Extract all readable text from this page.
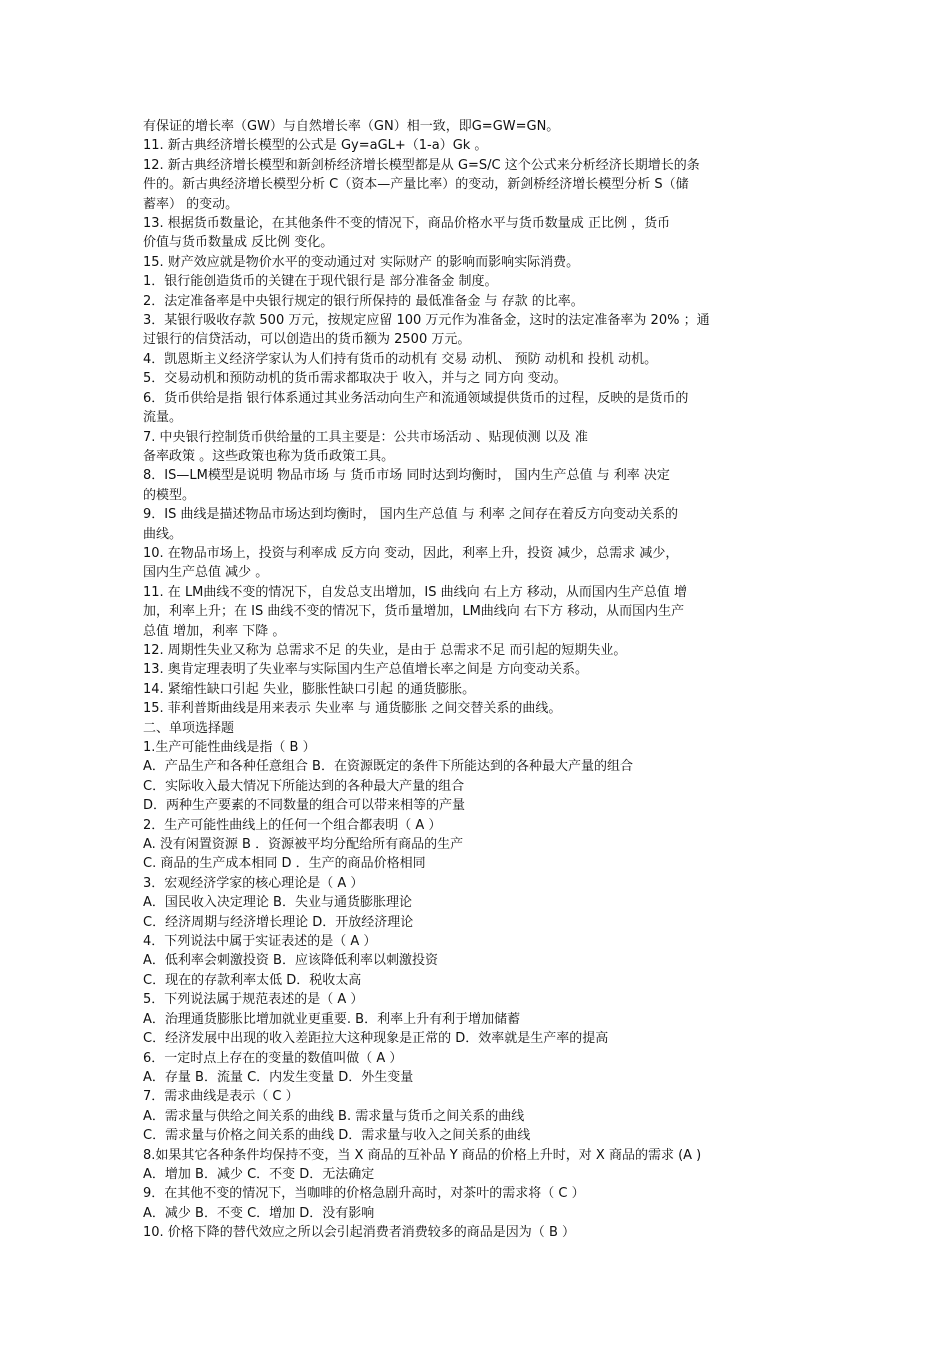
有保证的增长率（GW）与自然增长率（GN）相一致，即G=GW=GN。
11. 新古典经济增长模型的公式是 Gy=aGL+（1-a）Gk 。
12. 新古典经济增长模型和新剑桥经济增长模型都是从 G=S/C 这个公式来分析经济长期增长的条
件的。新古典经济增长模型分析 C（资本—产量比率）的变动，新剑桥经济增长模型分析 S（储
蓄率） 的变动。
13. 根据货币数量论，在其他条件不变的情况下，商品价格水平与货币数量成 正比例 ，货币
价值与货币数量成 反比例 变化。
15. 财产效应就是物价水平的变动通过对 实际财产 的影响而影响实际消费。
1．银行能创造货币的关键在于现代银行是 部分准备金 制度。
2．法定准备率是中央银行规定的银行所保持的 最低准备金 与 存款 的比率。
3．某银行吸收存款 500 万元，按规定应留 100 万元作为准备金，这时的法定准备率为 20% ；通
过银行的信贷活动，可以创造出的货币额为 2500 万元。
4．凯恩斯主义经济学家认为人们持有货币的动机有 交易 动机、 预防 动机和 投机 动机。
5．交易动机和预防动机的货币需求都取决于 收入，并与之 同方向 变动。
6．货币供给是指 银行体系通过其业务活动向生产和流通领域提供货币的过程，反映的是货币的
流量。
7. 中央银行控制货币供给量的工具主要是：公共市场活动 、贴现侦测 以及 准
备率政策 。这些政策也称为货币政策工具。
8．IS—LM模型是说明 物品市场 与 货币市场 同时达到均衡时， 国内生产总值 与 利率 决定
的模型。
9．IS 曲线是描述物品市场达到均衡时， 国内生产总值 与 利率 之间存在着反方向变动关系的
曲线。
10. 在物品市场上，投资与利率成 反方向 变动，因此，利率上升，投资 减少，总需求 减少，
国内生产总值 减少 。
11. 在 LM曲线不变的情况下，自发总支出增加，IS 曲线向 右上方 移动，从而国内生产总值 增
加，利率上升；在 IS 曲线不变的情况下，货币量增加，LM曲线向 右下方 移动，从而国内生产
总值 增加，利率 下降 。
12. 周期性失业又称为 总需求不足 的失业，是由于 总需求不足 而引起的短期失业。
13. 奥肯定理表明了失业率与实际国内生产总值增长率之间是 方向变动关系。
14. 紧缩性缺口引起 失业，膨胀性缺口引起 的通货膨胀。
15. 菲利普斯曲线是用来表示 失业率 与 通货膨胀 之间交替关系的曲线。
二、单项选择题
1.生产可能性曲线是指（ B ）
A．产品生产和各种任意组合 B．在资源既定的条件下所能达到的各种最大产量的组合
C．实际收入最大情况下所能达到的各种最大产量的组合
D．两种生产要素的不同数量的组合可以带来相等的产量
2．生产可能性曲线上的任何一个组合都表明（ A ）
A. 没有闲置资源 B ．资源被平均分配给所有商品的生产
C. 商品的生产成本相同 D ．生产的商品价格相同
3．宏观经济学家的核心理论是（ A ）
A．国民收入决定理论 B．失业与通货膨胀理论
C．经济周期与经济增长理论 D．开放经济理论
4．下列说法中属于实证表述的是（ A ）
A．低利率会刺激投资 B．应该降低利率以刺激投资
C．现在的存款利率太低 D．税收太高
5．下列说法属于规范表述的是（ A ）
A．治理通货膨胀比增加就业更重要. B．利率上升有利于增加储蓄
C．经济发展中出现的收入差距拉大这种现象是正常的 D．效率就是生产率的提高
6．一定时点上存在的变量的数值叫做（ A ）
A．存量 B．流量 C．内发生变量 D．外生变量
7．需求曲线是表示（ C ）
A．需求量与供给之间关系的曲线 B. 需求量与货币之间关系的曲线
C．需求量与价格之间关系的曲线 D．需求量与收入之间关系的曲线
8.如果其它各种条件均保持不变，当 X 商品的互补品 Y 商品的价格上升时，对 X 商品的需求 (A )
A．增加 B．减少 C．不变 D．无法确定
9．在其他不变的情况下，当咖啡的价格急剧升高时，对茶叶的需求将（ C ）
A．减少 B．不变 C．增加 D．没有影响
10. 价格下降的替代效应之所以会引起消费者消费较多的商品是因为（ B ）
